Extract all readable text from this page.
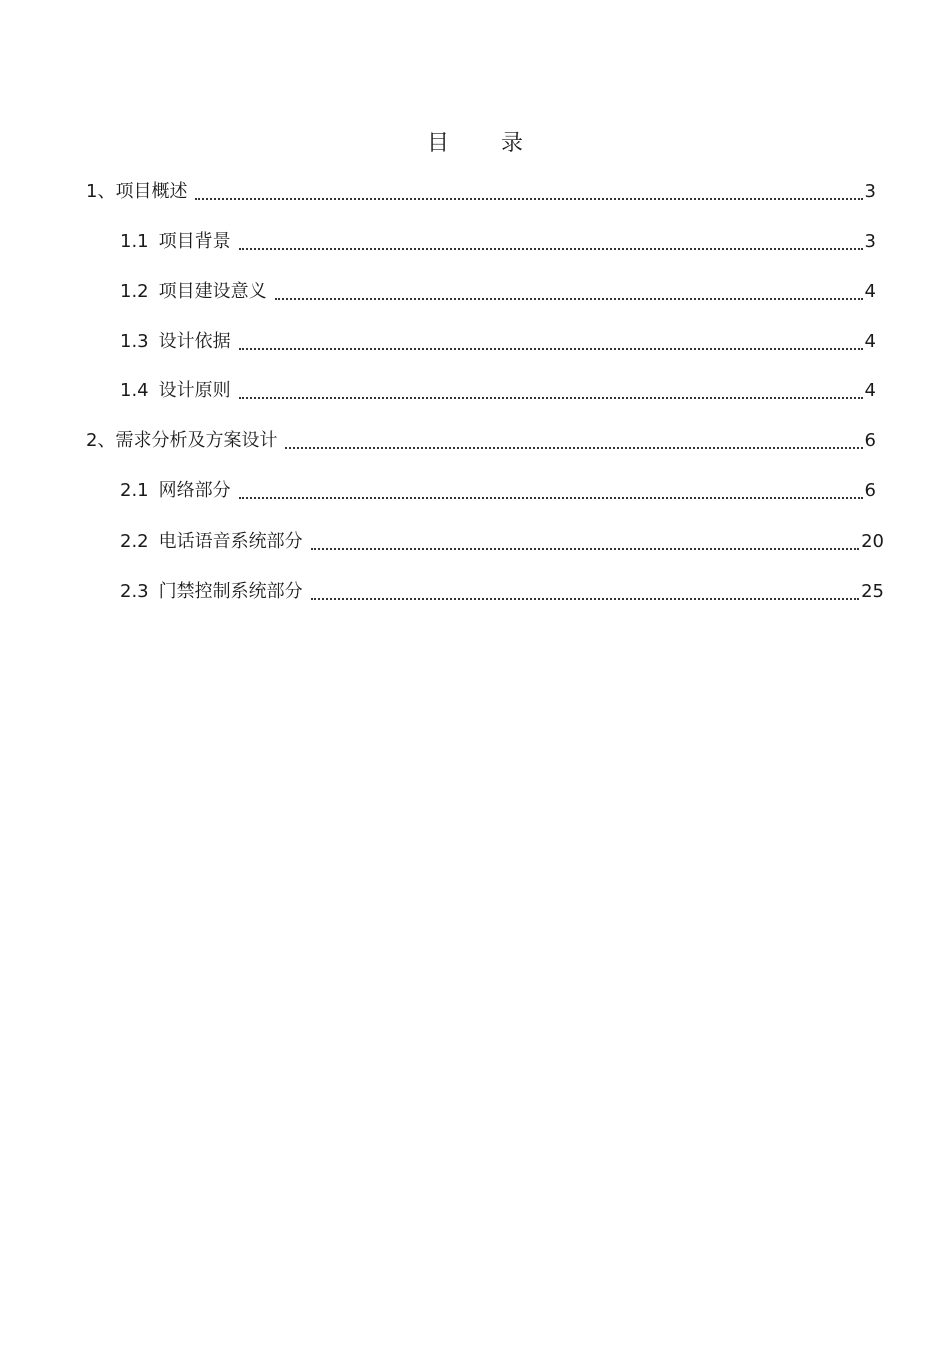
目 录
1、 项目概述	3
1.1 项目背景	3
1.2 项目建设意义	4
1.3 设计依据	4
1.4 设计原则	4
2、 需求分析及方案设计	6
2.1 网络部分	6
2.2 电话语音系统部分	20
2.3 门禁控制系统部分	25
